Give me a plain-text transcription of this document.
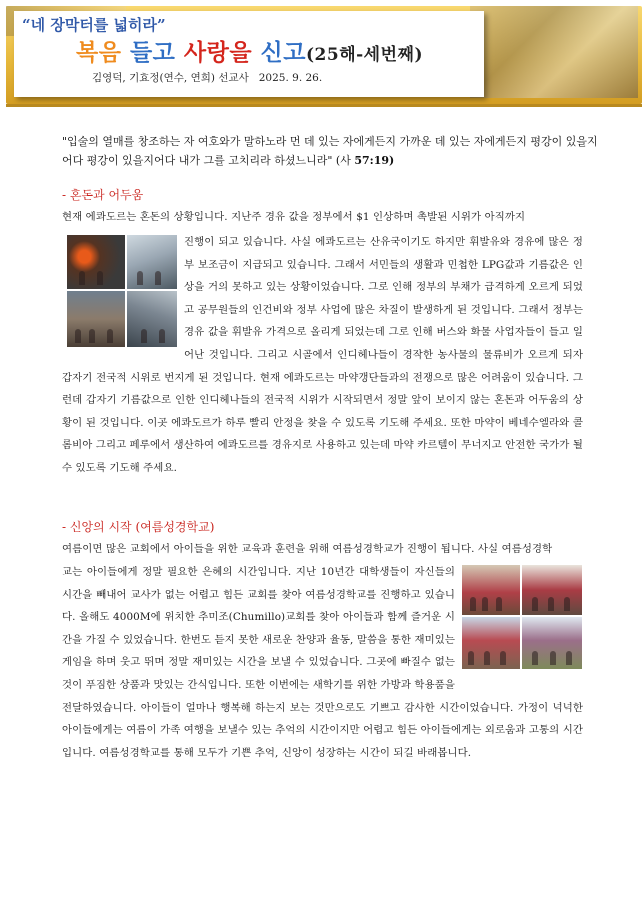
“네 장막터를 넓히라”
복음 들고 사랑을 신고(25해-세번째)
김영덕, 기효정(연수, 연희) 선교사 2025. 9. 26.
"입술의 열매를 창조하는 자 여호와가 말하노라 먼 데 있는 자에게든지 가까운 데 있는 자에게든지 평강이 있을지어다 평강이 있을지어다 내가 그를 고치리라 하셨느니라" (사 57:19)
- 혼돈과 어두움

현재 에콰도르는 혼돈의 상황입니다. 지난주 경유 값을 정부에서 $1 인상하며 촉발된 시위가 아직까지

진행이 되고 있습니다. 사실 에콰도르는 산유국이기도 하지만 휘발유와 경유에 많은 정부 보조금이 지급되고 있습니다. 그래서 서민들의 생활과 민첩한 LPG값과 기름값은 인상을 거의 못하고 있는 상황이었습니다. 그로 인해 정부의 부채가 급격하게 오르게 되었고 공무원들의 인건비와 정부 사업에 많은 차질이 발생하게 된 것입니다. 그래서 정부는 경유 값을 휘발유 가격으로 올리게 되었는데 그로 인해 버스와 화물 사업자들이 들고 일어난 것입니다. 그리고 시골에서 인디헤나들이 경작한 농사물의 물류비가 오르게 되자 갑자기 전국적 시위로 번지게 된 것입니다. 현재 에콰도르는 마약갱단들과의 전쟁으로 많은 어려움이 있습니다. 그런데 갑자기 기름값으로 인한 인디헤나들의 전국적 시위가 시작되면서 정말 앞이 보이지 않는 혼돈과 어두움의 상황이 된 것입니다. 이곳 에콰도르가 하루 빨리 안정을 찾을 수 있도록 기도해 주세요. 또한 마약이 베네수엘라와 콜롬비아 그리고 페루에서 생산하여 에콰도르를 경유지로 사용하고 있는데 마약 카르텔이 무너지고 안전한 국가가 될 수 있도록 기도해 주세요.

- 신앙의 시작 (여름성경학교)

여름이면 많은 교회에서 아이들을 위한 교육과 훈련을 위해 여름성경학교가 진행이 됩니다. 사실 여름성경학

교는 아이들에게 정말 필요한 은혜의 시간입니다. 지난 10년간 대학생들이 자신들의 시간을 빼내어 교사가 없는 어렵고 힘든 교회를 찾아 여름성경학교를 진행하고 있습니다. 올해도 4000M에 위치한 추미조(Chumillo)교회를 찾아 아이들과 함께 즐거운 시간을 가질 수 있었습니다. 한번도 듣지 못한 새로운 찬양과 율동, 말씀을 통한 재미있는 게임을 하며 웃고 뛰며 정말 재미있는 시간을 보낼 수 있었습니다. 그곳에 빠질수 없는 것이 푸짐한 상품과 맛있는 간식입니다. 또한 이번에는 새학기를 위한 가방과 학용품을 전달하였습니다. 아이들이 얼마나 행복해 하는지 보는 것만으로도 기쁘고 감사한 시간이었습니다. 가정이 넉넉한 아이들에게는 여름이 가족 여행을 보낼수 있는 추억의 시간이지만 어렵고 힘든 아이들에게는 외로움과 고통의 시간입니다. 여름성경학교를 통해 모두가 기쁜 추억, 신앙이 성장하는 시간이 되길 바래봅니다.
